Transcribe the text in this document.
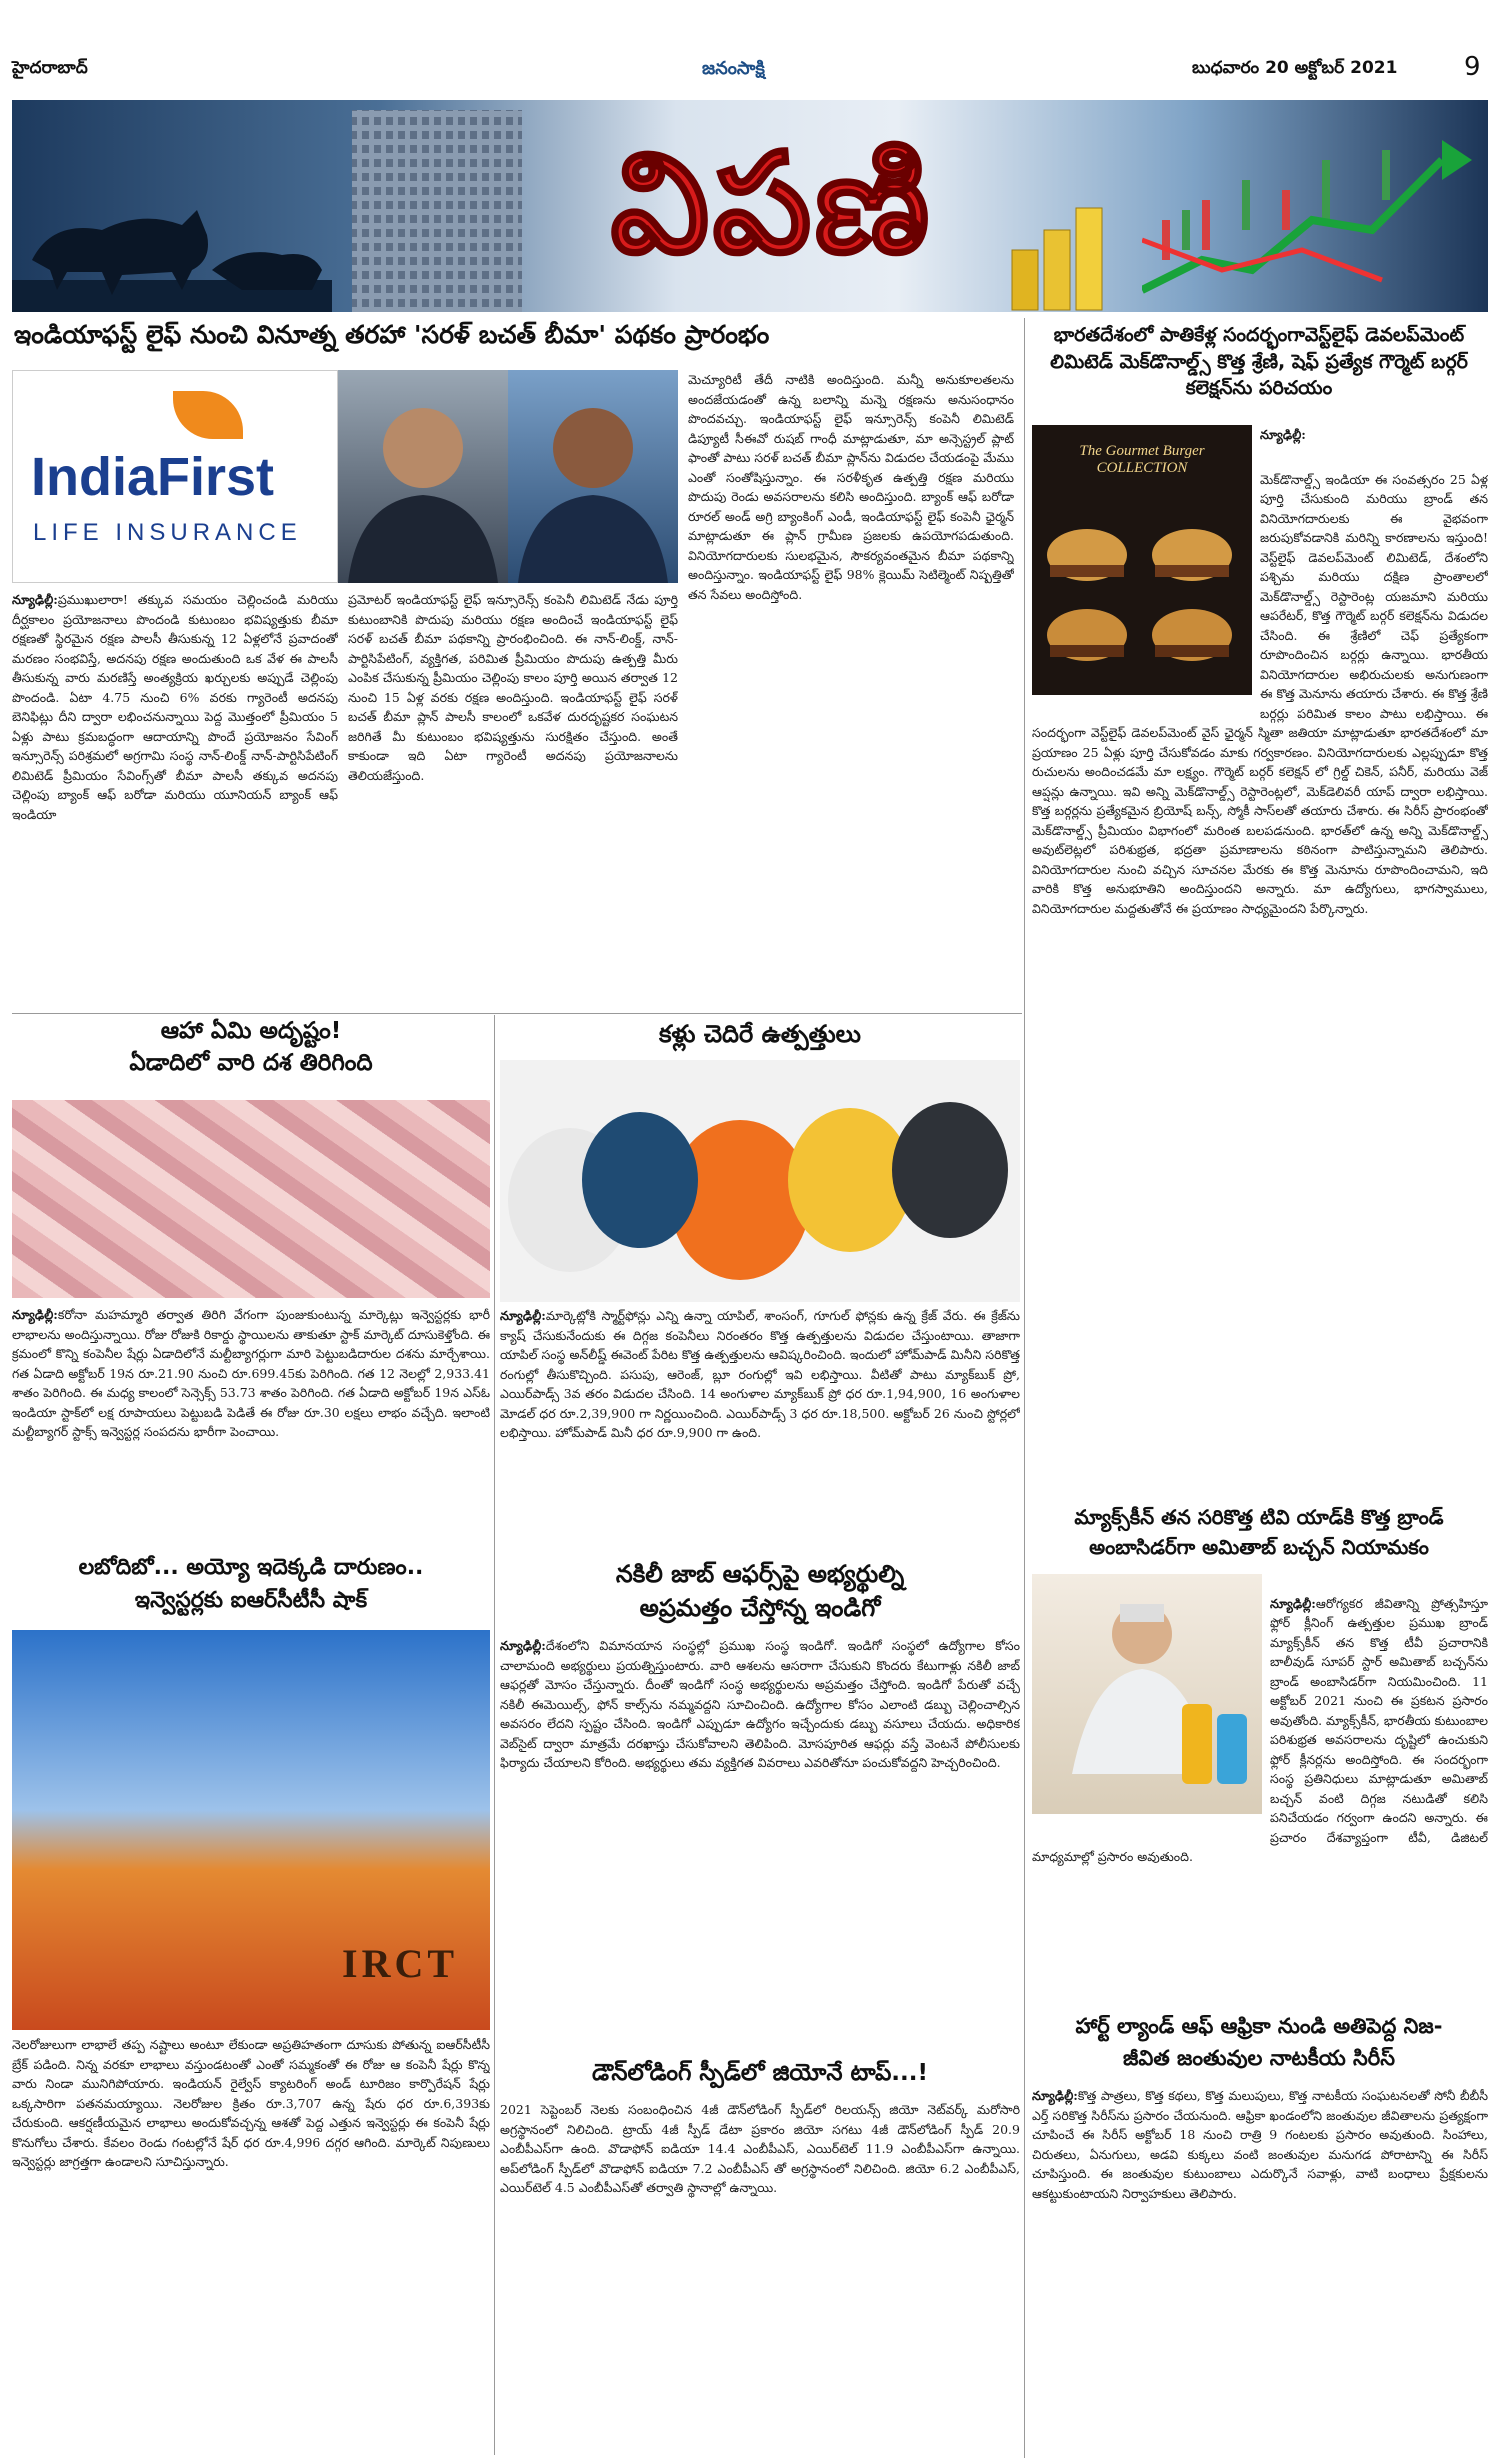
హైదరాబాద్	జనంసాక్షి	బుధవారం 20 అక్టోబర్ 2021	9
విపణి
ఇండియాఫస్ట్ లైఫ్ నుంచి వినూత్న తరహా 'సరళ్ బచత్ బీమా' పథకం ప్రారంభం
IndiaFirst
LIFE INSURANCE
న్యూఢిల్లీ:ప్రముఖులారా! తక్కువ సమయం చెల్లించండి మరియు దీర్ఘకాలం ప్రయోజనాలు పొందండి కుటుంబం భవిష్యత్తుకు బీమా రక్షణతో స్థిరమైన రక్షణ పాలసీ తీసుకున్న 12 ఏళ్లలోనే ప్రవాదంతో మరణం సంభవిస్తే, అదనపు రక్షణ అందుతుంది ఒక వేళ ఈ పాలసీ తీసుకున్న వారు మరణిస్తే అంత్యక్రియ ఖర్చులకు అప్పుడే చెల్లింపు పొందండి. ఏటా 4.75 నుంచి 6% వరకు గ్యారెంటీ అదనపు బెనిఫిట్లు దీని ద్వారా లభించనున్నాయి పెద్ద మొత్తంలో ప్రీమియం 5 ఏళ్లు పాటు క్రమబద్ధంగా ఆదాయాన్ని పొందే ప్రయోజనం సేవింగ్ ఇన్సూరెన్స్ పరిశ్రమలో అగ్రగామి సంస్థ నాన్-లింక్డ్ నాన్-పార్టిసిపేటింగ్ లిమిటెడ్ ప్రీమియం సేవింగ్స్‌తో బీమా పాలసీ తక్కువ అదనపు చెల్లింపు బ్యాంక్ ఆఫ్ బరోడా మరియు యూనియన్ బ్యాంక్ ఆఫ్ ఇండియా
ప్రమోటర్ ఇండియాఫస్ట్ లైఫ్ ఇన్సూరెన్స్ కంపెనీ లిమిటెడ్ నేడు పూర్తి కుటుంబానికి పొదుపు మరియు రక్షణ అందించే ఇండియాఫస్ట్ లైఫ్ సరళ్ బచత్ బీమా పథకాన్ని ప్రారంభించింది. ఈ నాన్-లింక్డ్, నాన్-పార్టిసిపేటింగ్, వ్యక్తిగత, పరిమిత ప్రీమియం పొదుపు ఉత్పత్తి మీరు ఎంపిక చేసుకున్న ప్రీమియం చెల్లింపు కాలం పూర్తి అయిన తర్వాత 12 నుంచి 15 ఏళ్ల వరకు రక్షణ అందిస్తుంది. ఇండియాఫస్ట్ లైఫ్ సరళ్ బచత్ బీమా ప్లాన్ పాలసీ కాలంలో ఒకవేళ దురదృష్టకర సంఘటన జరిగితే మీ కుటుంబం భవిష్యత్తును సురక్షితం చేస్తుంది. అంతే కాకుండా ఇది ఏటా గ్యారెంటీ అదనపు ప్రయోజనాలను తెలియజేస్తుంది.
మెచ్యూరిటీ తేదీ నాటికి అందిస్తుంది. మన్నీ అనుకూలతలను అందజేయడంతో ఉన్న బలాన్ని మన్నె రక్షణను అనుసంధానం పొందవచ్చు. ఇండియాఫస్ట్ లైఫ్ ఇన్సూరెన్స్ కంపెనీ లిమిటెడ్ డిప్యూటీ సీఈవో రుషబ్ గాంధీ మాట్లాడుతూ, మా అన్సెస్ట్రల్ ప్లాట్ ఫాంతో పాటు సరళ్ బచత్ బీమా ప్లాన్‌ను విడుదల చేయడంపై మేము ఎంతో సంతోషిస్తున్నాం. ఈ సరళీకృత ఉత్పత్తి రక్షణ మరియు పొదుపు రెండు అవసరాలను కలిసి అందిస్తుంది. బ్యాంక్ ఆఫ్ బరోడా రూరల్ అండ్ అగ్రి బ్యాంకింగ్ ఎండీ, ఇండియాఫస్ట్ లైఫ్ కంపెనీ ఛైర్మన్ మాట్లాడుతూ ఈ ప్లాన్ గ్రామీణ ప్రజలకు ఉపయోగపడుతుంది. వినియోగదారులకు సులభమైన, సౌకర్యవంతమైన బీమా పథకాన్ని అందిస్తున్నాం. ఇండియాఫస్ట్ లైఫ్ 98% క్లెయిమ్ సెటిల్మెంట్ నిష్పత్తితో తన సేవలు అందిస్తోంది.
ఆహా ఏమి అదృష్టం!
ఏడాదిలో వారి దశ తిరిగింది
న్యూఢిల్లీ:కరోనా మహమ్మారి తర్వాత తిరిగి వేగంగా పుంజుకుంటున్న మార్కెట్లు ఇన్వెస్టర్లకు భారీ లాభాలను అందిస్తున్నాయి. రోజు రోజుకి రికార్డు స్థాయిలను తాకుతూ స్టాక్ మార్కెట్ దూసుకెళ్తోంది. ఈ క్రమంలో కొన్ని కంపెనీల షేర్లు ఏడాదిలోనే మల్టీబ్యాగర్లుగా మారి పెట్టుబడిదారుల దశను మార్చేశాయి. గత ఏడాది అక్టోబర్ 19న రూ.21.90 నుంచి రూ.699.45కు పెరిగింది. గత 12 నెలల్లో 2,933.41 శాతం పెరిగింది. ఈ మధ్య కాలంలో సెన్సెక్స్ 53.73 శాతం పెరిగింది. గత ఏడాది అక్టోబర్ 19న ఎస్ఓ ఇండియా స్టాక్‌లో లక్ష రూపాయలు పెట్టుబడి పెడితే ఈ రోజు రూ.30 లక్షలు లాభం వచ్చేది. ఇలాంటి మల్టీబ్యాగర్ స్టాక్స్ ఇన్వెస్టర్ల సంపదను భారీగా పెంచాయి.
లబోదిబో... అయ్యో ఇదెక్కడి దారుణం..
ఇన్వెస్టర్లకు ఐఆర్‌సీటీసీ షాక్
IRCT
నెలరోజులుగా లాభాలే తప్ప నష్టాలు అంటూ లేకుండా అప్రతిహతంగా దూసుకు పోతున్న ఐఆర్‌సీటీసీ బ్రేక్ పడింది. నిన్న వరకూ లాభాలు వస్తుండటంతో ఎంతో సమ్మకంతో ఈ రోజు ఆ కంపెనీ షేర్లు కొన్న వారు నిండా మునిగిపోయారు. ఇండియన్ రైల్వేస్ క్యాటరింగ్ అండ్ టూరిజం కార్పొరేషన్ షేర్లు ఒక్కసారిగా పతనమయ్యాయి. నెలరోజుల క్రితం రూ.3,707 ఉన్న షేరు ధర రూ.6,393కు చేరుకుంది. ఆకర్షణీయమైన లాభాలు అందుకోవచ్చన్న ఆశతో పెద్ద ఎత్తున ఇన్వెస్టర్లు ఈ కంపెనీ షేర్లు కొనుగోలు చేశారు. కేవలం రెండు గంటల్లోనే షేర్ ధర రూ.4,996 దగ్గర ఆగింది. మార్కెట్ నిపుణులు ఇన్వెస్టర్లు జాగ్రత్తగా ఉండాలని సూచిస్తున్నారు.
కళ్లు చెదిరే ఉత్పత్తులు
న్యూఢిల్లీ:మార్కెట్లోకి స్మార్ట్‌ఫోన్లు ఎన్ని ఉన్నా యాపిల్, శాంసంగ్, గూగుల్ ఫోన్లకు ఉన్న క్రేజ్ వేరు. ఈ క్రేజ్‌ను క్యాష్ చేసుకునేందుకు ఈ దిగ్గజ కంపెనీలు నిరంతరం కొత్త ఉత్పత్తులను విడుదల చేస్తుంటాయి. తాజాగా యాపిల్ సంస్థ అన్‌లీష్డ్ ఈవెంట్ పేరిట కొత్త ఉత్పత్తులను ఆవిష్కరించింది. ఇందులో హోమ్‌పాడ్ మినీని సరికొత్త రంగుల్లో తీసుకొచ్చింది. పసుపు, ఆరెంజ్, బ్లూ రంగుల్లో ఇవి లభిస్తాయి. వీటితో పాటు మ్యాక్‌బుక్ ప్రో, ఎయిర్‌పాడ్స్ 3వ తరం విడుదల చేసింది. 14 అంగుళాల మ్యాక్‌బుక్ ప్రో ధర రూ.1,94,900, 16 అంగుళాల మోడల్ ధర రూ.2,39,900 గా నిర్ణయించింది. ఎయిర్‌పాడ్స్ 3 ధర రూ.18,500. అక్టోబర్ 26 నుంచి స్టోర్లలో లభిస్తాయి. హోమ్‌పాడ్ మినీ ధర రూ.9,900 గా ఉంది.
నకిలీ జాబ్ ఆఫర్స్‌పై అభ్యర్థుల్ని
అప్రమత్తం చేస్తోన్న ఇండిగో
న్యూఢిల్లీ:దేశంలోని విమానయాన సంస్థల్లో ప్రముఖ సంస్థ ఇండిగో. ఇండిగో సంస్థలో ఉద్యోగాల కోసం చాలామంది అభ్యర్థులు ప్రయత్నిస్తుంటారు. వారి ఆశలను ఆసరాగా చేసుకుని కొందరు కేటుగాళ్లు నకిలీ జాబ్ ఆఫర్లతో మోసం చేస్తున్నారు. దీంతో ఇండిగో సంస్థ అభ్యర్థులను అప్రమత్తం చేస్తోంది. ఇండిగో పేరుతో వచ్చే నకిలీ ఈమెయిల్స్, ఫోన్ కాల్స్‌ను నమ్మవద్దని సూచించింది. ఉద్యోగాల కోసం ఎలాంటి డబ్బు చెల్లించాల్సిన అవసరం లేదని స్పష్టం చేసింది. ఇండిగో ఎప్పుడూ ఉద్యోగం ఇచ్చేందుకు డబ్బు వసూలు చేయదు. అధికారిక వెబ్‌సైట్ ద్వారా మాత్రమే దరఖాస్తు చేసుకోవాలని తెలిపింది. మోసపూరిత ఆఫర్లు వస్తే వెంటనే పోలీసులకు ఫిర్యాదు చేయాలని కోరింది. అభ్యర్థులు తమ వ్యక్తిగత వివరాలు ఎవరితోనూ పంచుకోవద్దని హెచ్చరించింది.
డౌన్‌లోడింగ్ స్పీడ్‌లో జియోనే టాప్...!
2021 సెప్టెంబర్ నెలకు సంబంధించిన 4జీ డౌన్‌లోడింగ్ స్పీడ్‌లో రిలయన్స్ జియో నెట్‌వర్క్ మరోసారి అగ్రస్థానంలో నిలిచింది. ట్రాయ్ 4జీ స్పీడ్ డేటా ప్రకారం జియో సగటు 4జీ డౌన్‌లోడింగ్ స్పీడ్ 20.9 ఎంబీపీఎస్‌గా ఉంది. వొడాఫోన్ ఐడియా 14.4 ఎంబీపీఎస్, ఎయిర్‌టెల్ 11.9 ఎంబీపీఎస్‌గా ఉన్నాయి. అప్‌లోడింగ్ స్పీడ్‌లో వొడాఫోన్ ఐడియా 7.2 ఎంబీపీఎస్ తో అగ్రస్థానంలో నిలిచింది. జియో 6.2 ఎంబీపీఎస్, ఎయిర్‌టెల్ 4.5 ఎంబీపీఎస్‌తో తర్వాతి స్థానాల్లో ఉన్నాయి.
భారతదేశంలో పాతికేళ్ల సందర్భంగావెస్ట్‌లైఫ్ డెవలప్‌మెంట్ లిమిటెడ్ మెక్‌డొనాల్డ్స్ కొత్త శ్రేణి, షెఫ్ ప్రత్యేక గౌర్మెట్ బర్గర్ కలెక్షన్‌ను పరిచయం
The Gourmet Burger COLLECTION
న్యూఢిల్లీ:

మెక్‌డొనాల్డ్స్ ఇండియా ఈ సంవత్సరం 25 ఏళ్ల పూర్తి చేసుకుంది మరియు బ్రాండ్ తన వినియోగదారులకు ఈ వైభవంగా జరుపుకోవడానికి మరిన్ని కారణాలను ఇస్తుంది! వెస్ట్‌లైఫ్ డెవలప్‌మెంట్ లిమిటెడ్, దేశంలోని పశ్చిమ మరియు దక్షిణ ప్రాంతాలలో మెక్‌డొనాల్డ్స్ రెస్టారెంట్ల యజమాని మరియు ఆపరేటర్, కొత్త గౌర్మెట్ బర్గర్ కలెక్షన్‌ను విడుదల చేసింది. ఈ శ్రేణిలో చెఫ్ ప్రత్యేకంగా రూపొందించిన బర్గర్లు ఉన్నాయి. భారతీయ వినియోగదారుల అభిరుచులకు అనుగుణంగా ఈ కొత్త మెనూను తయారు చేశారు. ఈ కొత్త శ్రేణి బర్గర్లు పరిమిత కాలం పాటు లభిస్తాయి. ఈ సందర్భంగా వెస్ట్‌లైఫ్ డెవలప్‌మెంట్ వైస్ ఛైర్మన్ స్మితా జతియా మాట్లాడుతూ భారతదేశంలో మా ప్రయాణం 25 ఏళ్లు పూర్తి చేసుకోవడం మాకు గర్వకారణం. వినియోగదారులకు ఎల్లప్పుడూ కొత్త రుచులను అందించడమే మా లక్ష్యం. గౌర్మెట్ బర్గర్ కలెక్షన్ లో గ్రిల్డ్ చికెన్, పనీర్, మరియు వెజ్ ఆప్షన్లు ఉన్నాయి. ఇవి అన్ని మెక్‌డొనాల్డ్స్ రెస్టారెంట్లలో, మెక్‌డెలివరీ యాప్ ద్వారా లభిస్తాయి. కొత్త బర్గర్లను ప్రత్యేకమైన బ్రియోష్ బన్స్, స్మోకీ సాస్‌లతో తయారు చేశారు. ఈ సిరీస్ ప్రారంభంతో మెక్‌డొనాల్డ్స్ ప్రీమియం విభాగంలో మరింత బలపడనుంది. భారత్‌లో ఉన్న అన్ని మెక్‌డొనాల్డ్స్ అవుట్‌లెట్లలో పరిశుభ్రత, భద్రతా ప్రమాణాలను కఠినంగా పాటిస్తున్నామని తెలిపారు. వినియోగదారుల నుంచి వచ్చిన సూచనల మేరకు ఈ కొత్త మెనూను రూపొందించామని, ఇది వారికి కొత్త అనుభూతిని అందిస్తుందని అన్నారు. మా ఉద్యోగులు, భాగస్వాములు, వినియోగదారుల మద్దతుతోనే ఈ ప్రయాణం సాధ్యమైందని పేర్కొన్నారు.

మ్యాక్స్‌కీన్ తన సరికొత్త టివి యాడ్‌కి కొత్త బ్రాండ్
అంబాసిడర్‌గా అమితాబ్ బచ్చన్ నియామకం

న్యూఢిల్లీ:ఆరోగ్యకర జీవితాన్ని ప్రోత్సహిస్తూ ఫ్లోర్ క్లీనింగ్ ఉత్పత్తుల ప్రముఖ బ్రాండ్ మ్యాక్స్‌కీన్ తన కొత్త టీవీ ప్రచారానికి బాలీవుడ్ సూపర్ స్టార్ అమితాబ్ బచ్చన్‌ను బ్రాండ్ అంబాసిడర్‌గా నియమించింది. 11 అక్టోబర్ 2021 నుంచి ఈ ప్రకటన ప్రసారం అవుతోంది. మ్యాక్స్‌కీన్, భారతీయ కుటుంబాల పరిశుభ్రత అవసరాలను దృష్టిలో ఉంచుకుని ఫ్లోర్ క్లీనర్లను అందిస్తోంది. ఈ సందర్భంగా సంస్థ ప్రతినిధులు మాట్లాడుతూ అమితాబ్ బచ్చన్ వంటి దిగ్గజ నటుడితో కలిసి పనిచేయడం గర్వంగా ఉందని అన్నారు. ఈ ప్రచారం దేశవ్యాప్తంగా టీవీ, డిజిటల్ మాధ్యమాల్లో ప్రసారం అవుతుంది.

హార్ట్ ల్యాండ్ ఆఫ్ ఆఫ్రికా నుండి అతిపెద్ద నిజ-
జీవిత జంతువుల నాటకీయ సిరీస్
న్యూఢిల్లీ:కొత్త పాత్రలు, కొత్త కథలు, కొత్త మలుపులు, కొత్త నాటకీయ సంఘటనలతో సోనీ బీబీసీ ఎర్త్ సరికొత్త సిరీస్‌ను ప్రసారం చేయనుంది. ఆఫ్రికా ఖండంలోని జంతువుల జీవితాలను ప్రత్యక్షంగా చూపించే ఈ సిరీస్ అక్టోబర్ 18 నుంచి రాత్రి 9 గంటలకు ప్రసారం అవుతుంది. సింహాలు, చిరుతలు, ఏనుగులు, అడవి కుక్కలు వంటి జంతువుల మనుగడ పోరాటాన్ని ఈ సిరీస్ చూపిస్తుంది. ఈ జంతువుల కుటుంబాలు ఎదుర్కొనే సవాళ్లు, వాటి బంధాలు ప్రేక్షకులను ఆకట్టుకుంటాయని నిర్వాహకులు తెలిపారు.
